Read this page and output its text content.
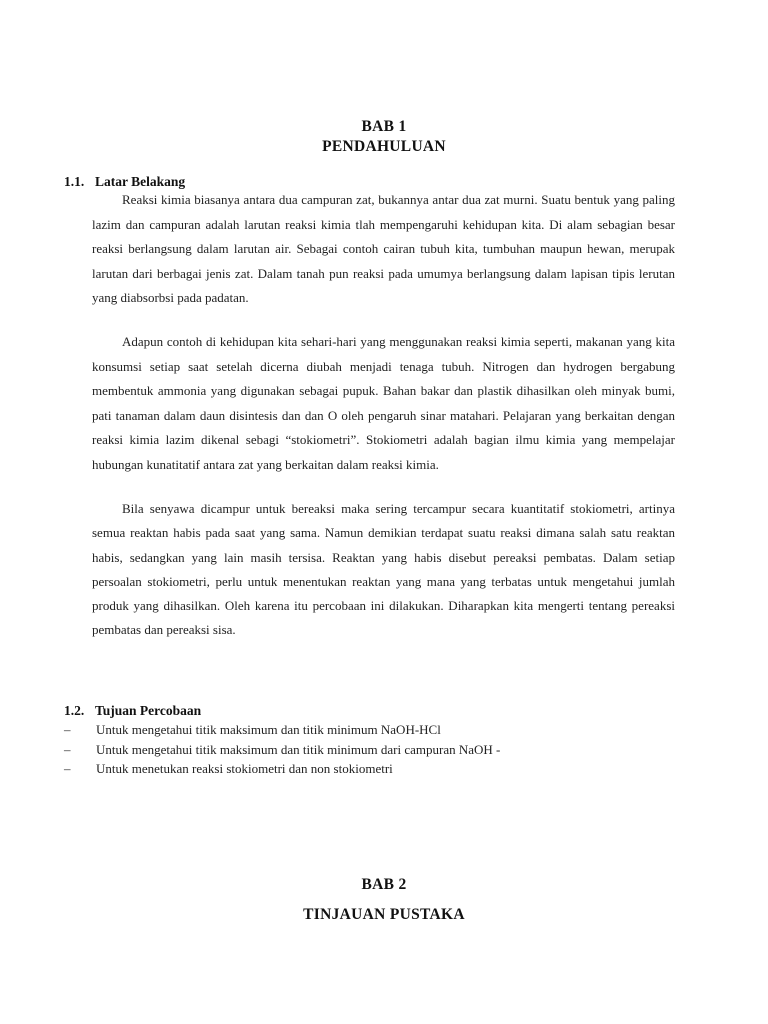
BAB 1
PENDAHULUAN
1.1. Latar Belakang

Reaksi kimia biasanya antara dua campuran zat, bukannya antar dua zat murni. Suatu bentuk yang paling lazim dan campuran adalah larutan reaksi kimia tlah mempengaruhi kehidupan kita. Di alam sebagian besar reaksi berlangsung dalam larutan air. Sebagai contoh cairan tubuh kita, tumbuhan maupun hewan, merupak larutan dari berbagai jenis zat. Dalam tanah pun reaksi pada umumya berlangsung dalam lapisan tipis lerutan yang diabsorbsi pada padatan.

Adapun contoh di kehidupan kita sehari-hari yang menggunakan reaksi kimia seperti, makanan yang kita konsumsi setiap saat setelah dicerna diubah menjadi tenaga tubuh. Nitrogen dan hydrogen bergabung membentuk ammonia yang digunakan sebagai pupuk. Bahan bakar dan plastik dihasilkan oleh minyak bumi, pati tanaman dalam daun disintesis dan dan O oleh pengaruh sinar matahari. Pelajaran yang berkaitan dengan reaksi kimia lazim dikenal sebagi “stokiometri”. Stokiometri adalah bagian ilmu kimia yang mempelajar hubungan kunatitatif antara zat yang berkaitan dalam reaksi kimia.

Bila senyawa dicampur untuk bereaksi maka sering tercampur secara kuantitatif stokiometri, artinya semua reaktan habis pada saat yang sama. Namun demikian terdapat suatu reaksi dimana salah satu reaktan habis, sedangkan yang lain masih tersisa. Reaktan yang habis disebut pereaksi pembatas. Dalam setiap persoalan stokiometri, perlu untuk menentukan reaktan yang mana yang terbatas untuk mengetahui jumlah produk yang dihasilkan. Oleh karena itu percobaan ini dilakukan. Diharapkan kita mengerti tentang pereaksi pembatas dan pereaksi sisa.

1.2. Tujuan Percobaan
– Untuk mengetahui titik maksimum dan titik minimum NaOH-HCl
– Untuk mengetahui titik maksimum dan titik minimum dari campuran NaOH -
– Untuk menetukan reaksi stokiometri dan non stokiometri
BAB 2
TINJAUAN PUSTAKA
